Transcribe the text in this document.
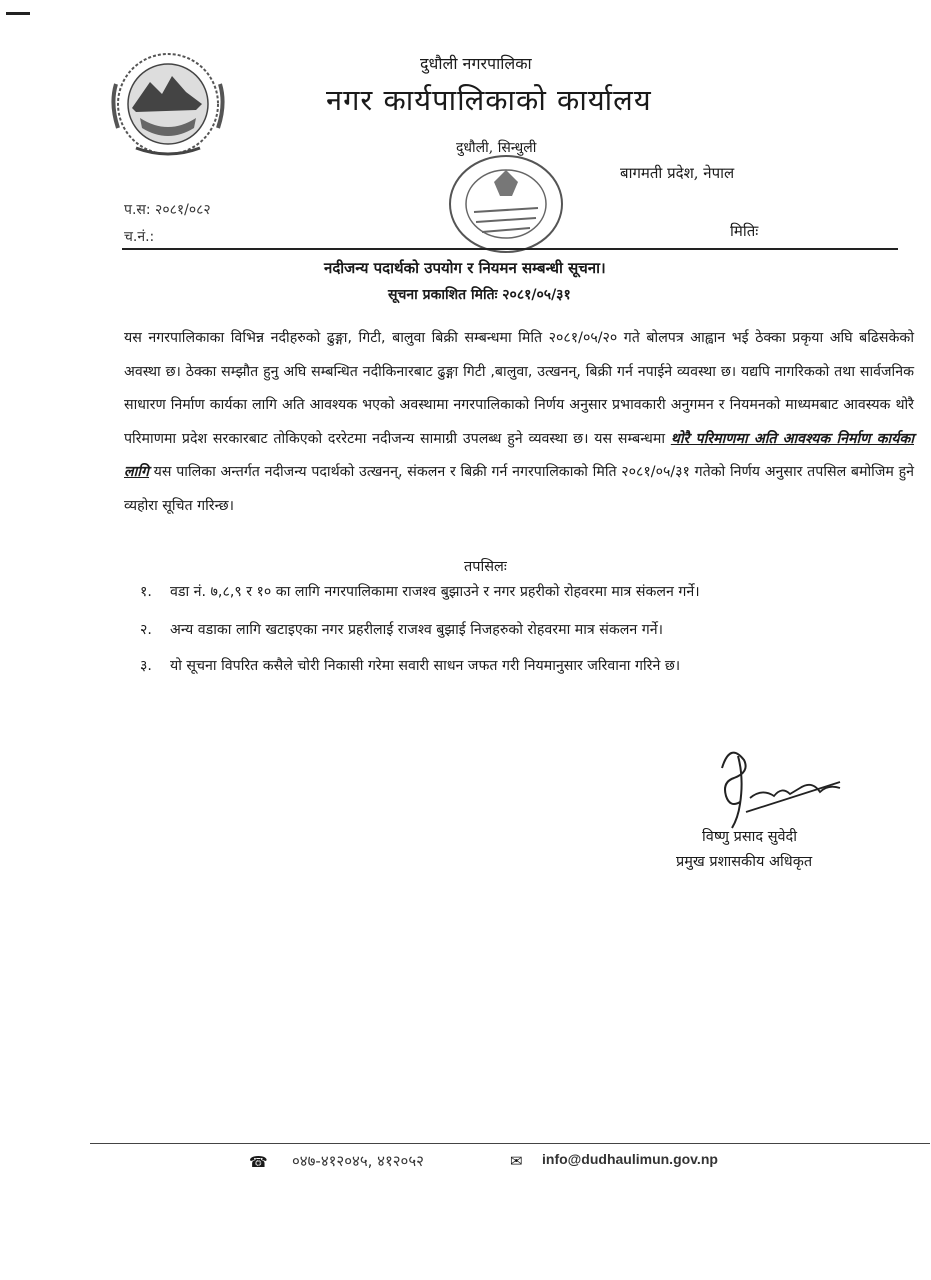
दुधौली नगरपालिका
नगर कार्यपालिकाको कार्यालय
दुधौली, सिन्धुली
बागमती प्रदेश, नेपाल
प.स: २०८१/०८२
च.नं.:	मितिः
नदीजन्य पदार्थको उपयोग र नियमन सम्बन्धी सूचना।
सूचना प्रकाशित मितिः २०८१/०५/३१
यस नगरपालिकाका विभिन्न नदीहरुको ढुङ्गा, गिटी, बालुवा बिक्री सम्बन्धमा मिति २०८१/०५/२० गते बोलपत्र आह्वान भई ठेक्का प्रकृया अघि बढिसकेको अवस्था छ। ठेक्का सम्झौत हुनु अघि सम्बन्धित नदीकिनारबाट ढुङ्गा गिटी ,बालुवा, उत्खनन्, बिक्री गर्न नपाईने व्यवस्था छ। यद्यपि नागरिकको तथा सार्वजनिक साधारण निर्माण कार्यका लागि अति आवश्यक भएको अवस्थामा नगरपालिकाको निर्णय अनुसार प्रभावकारी अनुगमन र नियमनको माध्यमबाट आवस्यक थोरै परिमाणमा प्रदेश सरकारबाट तोकिएको दररेटमा नदीजन्य सामाग्री उपलब्ध हुने व्यवस्था छ। यस सम्बन्धमा थोरै परिमाणमा अति आवश्यक निर्माण कार्यका लागि यस पालिका अन्तर्गत नदीजन्य पदार्थको उत्खनन्, संकलन र बिक्री गर्न नगरपालिकाको मिति २०८१/०५/३१ गतेको निर्णय अनुसार तपसिल बमोजिम हुने व्यहोरा सूचित गरिन्छ।
तपसिलः
१. वडा नं. ७,८,९ र १० का लागि नगरपालिकामा राजश्व बुझाउने र नगर प्रहरीको रोहवरमा मात्र संकलन गर्ने।
२. अन्य वडाका लागि खटाइएका नगर प्रहरीलाई राजश्व बुझाई निजहरुको रोहवरमा मात्र संकलन गर्ने।
३. यो सूचना विपरित कसैले चोरी निकासी गरेमा सवारी साधन जफत गरी नियमानुसार जरिवाना गरिने छ।
विष्णु प्रसाद सुवेदी
प्रमुख प्रशासकीय अधिकृत
☎ ०४७-४१२०४५, ४१२०५२	✉ info@dudhaulimun.gov.np
